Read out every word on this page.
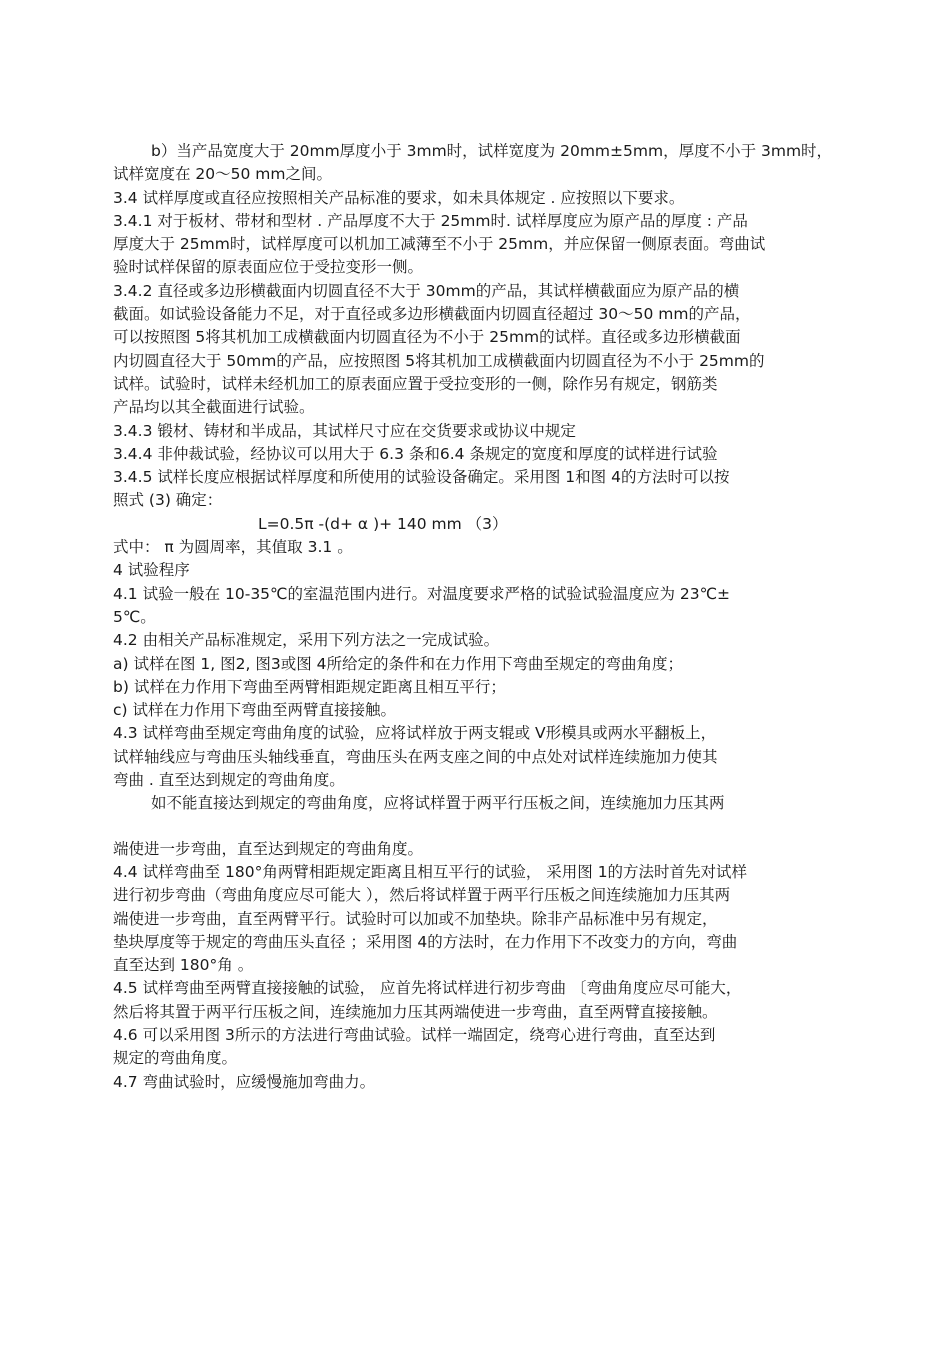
b）当产品宽度大于 20mm厚度小于 3mm时，试样宽度为 20mm±5mm，厚度不小于 3mm时，
试样宽度在 20～50 mm之间。
3.4 试样厚度或直径应按照相关产品标准的要求，如未具体规定 . 应按照以下要求。
3.4.1 对于板材、带材和型材 . 产品厚度不大于 25mm时. 试样厚度应为原产品的厚度 : 产品
厚度大于 25mm时，试样厚度可以机加工减薄至不小于 25mm，并应保留一侧原表面。弯曲试
验时试样保留的原表面应位于受拉变形一侧。
3.4.2 直径或多边形横截面内切圆直径不大于 30mm的产品，其试样横截面应为原产品的横
截面。如试验设备能力不足，对于直径或多边形横截面内切圆直径超过 30～50 mm的产品，
可以按照图 5将其机加工成横截面内切圆直径为不小于 25mm的试样。直径或多边形横截面
内切圆直径大于 50mm的产品，应按照图 5将其机加工成横截面内切圆直径为不小于 25mm的
试样。试验时，试样未经机加工的原表面应置于受拉变形的一侧，除作另有规定，钢筋类
产品均以其全截面进行试验。
3.4.3 锻材、铸材和半成品，其试样尺寸应在交货要求或协议中规定
3.4.4 非仲裁试验，经协议可以用大于 6.3 条和6.4 条规定的宽度和厚度的试样进行试验
3.4.5 试样长度应根据试样厚度和所使用的试验设备确定。采用图 1和图 4的方法时可以按
照式 (3) 确定：
L=0.5π -(d+ α )+ 140 mm （3）
式中： π 为圆周率，其值取 3.1 。
4 试验程序
4.1 试验一般在 10-35℃的室温范围内进行。对温度要求严格的试验试验温度应为 23℃±
5℃。
4.2 由相关产品标准规定，采用下列方法之一完成试验。
a) 试样在图 1, 图2, 图3或图 4所给定的条件和在力作用下弯曲至规定的弯曲角度；
b) 试样在力作用下弯曲至两臂相距规定距离且相互平行；
c) 试样在力作用下弯曲至两臂直接接触。
4.3 试样弯曲至规定弯曲角度的试验，应将试样放于两支辊或 V形模具或两水平翻板上，
试样轴线应与弯曲压头轴线垂直，弯曲压头在两支座之间的中点处对试样连续施加力使其
弯曲 . 直至达到规定的弯曲角度。
如不能直接达到规定的弯曲角度，应将试样置于两平行压板之间，连续施加力压其两
端使进一步弯曲，直至达到规定的弯曲角度。
4.4 试样弯曲至 180°角两臂相距规定距离且相互平行的试验， 采用图 1的方法时首先对试样
进行初步弯曲（弯曲角度应尽可能大 ），然后将试样置于两平行压板之间连续施加力压其两
端使进一步弯曲，直至两臂平行。试验时可以加或不加垫块。除非产品标准中另有规定，
垫块厚度等于规定的弯曲压头直径 ；采用图 4的方法时，在力作用下不改变力的方向，弯曲
直至达到 180°角 。
4.5 试样弯曲至两臂直接接触的试验， 应首先将试样进行初步弯曲 〔弯曲角度应尽可能大，
然后将其置于两平行压板之间，连续施加力压其两端使进一步弯曲，直至两臂直接接触。
4.6 可以采用图 3所示的方法进行弯曲试验。试样一端固定，绕弯心进行弯曲，直至达到
规定的弯曲角度。
4.7 弯曲试验时，应缓慢施加弯曲力。
